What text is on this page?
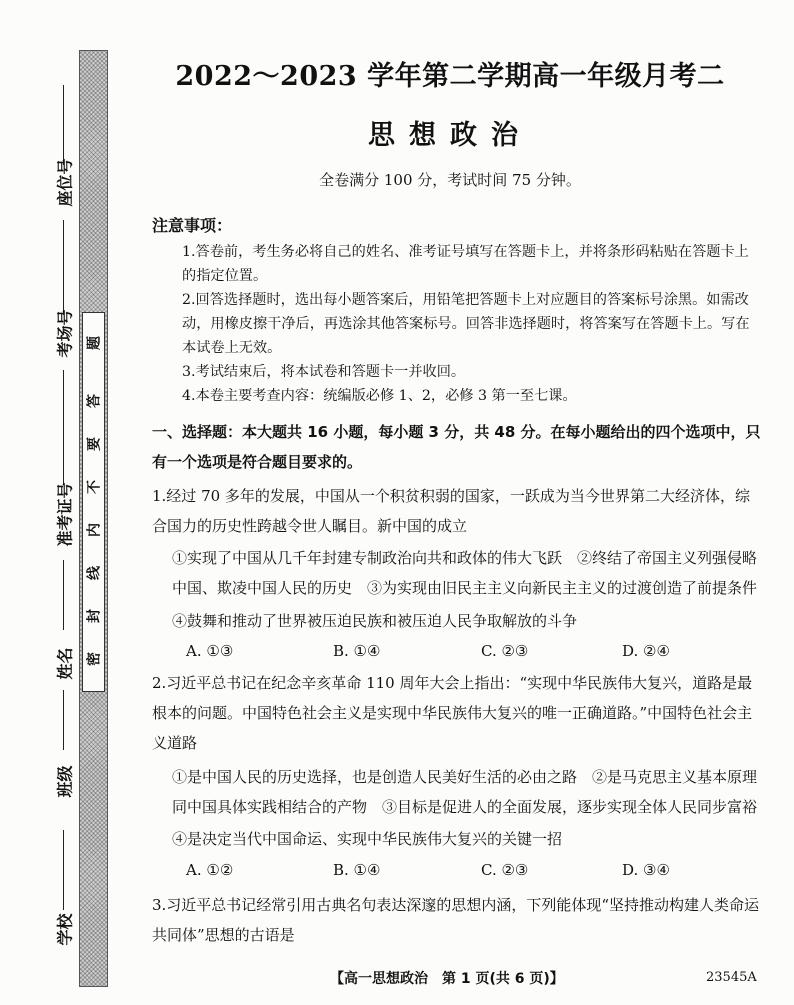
座位号
考场号
准考证号
姓名
班级
学校
密
封
线
内
不
要
答
题
2022～2023 学年第二学期高一年级月考二
思想政治
全卷满分 100 分，考试时间 75 分钟。
注意事项：

1.答卷前，考生务必将自己的姓名、准考证号填写在答题卡上，并将条形码粘贴在答题卡上的指定位置。

2.回答选择题时，选出每小题答案后，用铅笔把答题卡上对应题目的答案标号涂黑。如需改动，用橡皮擦干净后，再选涂其他答案标号。回答非选择题时，将答案写在答题卡上。写在本试卷上无效。

3.考试结束后，将本试卷和答题卡一并收回。

4.本卷主要考查内容：统编版必修 1、2，必修 3 第一至七课。

一、选择题：本大题共 16 小题，每小题 3 分，共 48 分。在每小题给出的四个选项中，只有一个选项是符合题目要求的。
1.经过 70 多年的发展，中国从一个积贫积弱的国家，一跃成为当今世界第二大经济体，综合国力的历史性跨越令世人瞩目。新中国的成立
①实现了中国从几千年封建专制政治向共和政体的伟大飞跃　②终结了帝国主义列强侵略中国、欺凌中国人民的历史　③为实现由旧民主主义向新民主主义的过渡创造了前提条件
④鼓舞和推动了世界被压迫民族和被压迫人民争取解放的斗争
A. ①③	B. ①④	C. ②③	D. ②④
2.习近平总书记在纪念辛亥革命 110 周年大会上指出：“实现中华民族伟大复兴，道路是最根本的问题。中国特色社会主义是实现中华民族伟大复兴的唯一正确道路。”中国特色社会主义道路
①是中国人民的历史选择，也是创造人民美好生活的必由之路　②是马克思主义基本原理同中国具体实践相结合的产物　③目标是促进人的全面发展，逐步实现全体人民同步富裕
④是决定当代中国命运、实现中华民族伟大复兴的关键一招
A. ①②	B. ①④	C. ②③	D. ③④
3.习近平总书记经常引用古典名句表达深邃的思想内涵，下列能体现“坚持推动构建人类命运共同体”思想的古语是
【高一思想政治　第 1 页(共 6 页)】	23545A
